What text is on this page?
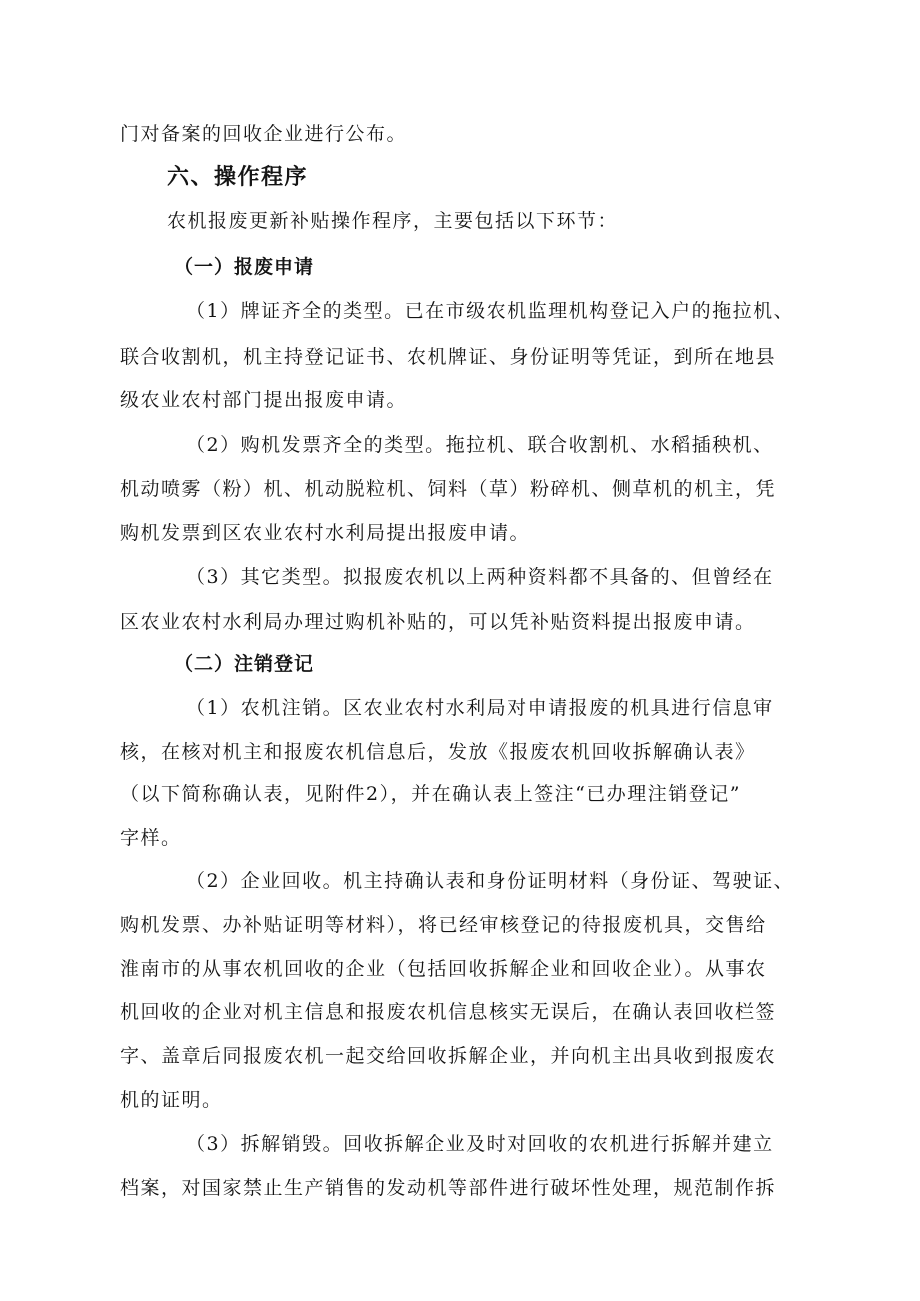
门对备案的回收企业进行公布。
六、操作程序
农机报废更新补贴操作程序，主要包括以下环节：
（一）报废申请
（1）牌证齐全的类型。已在市级农机监理机构登记入户的拖拉机、
联合收割机，机主持登记证书、农机牌证、身份证明等凭证，到所在地县
级农业农村部门提出报废申请。
（2）购机发票齐全的类型。拖拉机、联合收割机、水稻插秧机、
机动喷雾（粉）机、机动脱粒机、饲料（草）粉碎机、侧草机的机主，凭
购机发票到区农业农村水利局提出报废申请。
（3）其它类型。拟报废农机以上两种资料都不具备的、但曾经在
区农业农村水利局办理过购机补贴的，可以凭补贴资料提出报废申请。
（二）注销登记
（1）农机注销。区农业农村水利局对申请报废的机具进行信息审
核，在核对机主和报废农机信息后，发放《报废农机回收拆解确认表》
（以下简称确认表，见附件2），并在确认表上签注“已办理注销登记”
字样。
（2）企业回收。机主持确认表和身份证明材料（身份证、驾驶证、
购机发票、办补贴证明等材料），将已经审核登记的待报废机具，交售给
淮南市的从事农机回收的企业（包括回收拆解企业和回收企业）。从事农
机回收的企业对机主信息和报废农机信息核实无误后，在确认表回收栏签
字、盖章后同报废农机一起交给回收拆解企业，并向机主出具收到报废农
机的证明。
（3）拆解销毁。回收拆解企业及时对回收的农机进行拆解并建立
档案，对国家禁止生产销售的发动机等部件进行破坏性处理，规范制作拆
